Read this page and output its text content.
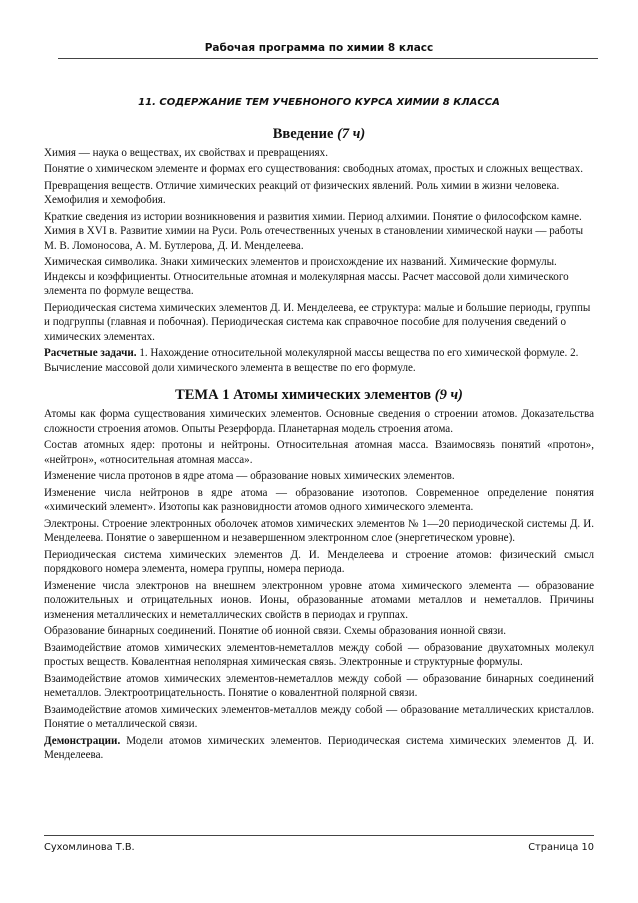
Рабочая программа по химии 8 класс
11. СОДЕРЖАНИЕ ТЕМ УЧЕБНОНОГО КУРСА ХИМИИ 8 КЛАССА
Введение (7 ч)

Химия — наука о веществах, их свойствах и превращениях.

Понятие о химическом элементе и формах его существования: свободных атомах, простых и сложных веществах.

Превращения веществ. Отличие химических реакций от физических явлений. Роль химии в жизни человека. Хемофилия и хемофобия.

Краткие сведения из истории возникновения и развития химии. Период алхимии. Понятие о философском камне. Химия в XVI в. Развитие химии на Руси. Роль отечественных ученых в становлении химической науки — работы М. В. Ломоносова, А. М. Бутлерова, Д. И. Менделеева.

Химическая символика. Знаки химических элементов и происхождение их названий. Химические формулы. Индексы и коэффициенты. Относительные атомная и молекулярная массы. Расчет массовой доли химического элемента по формуле вещества.

Периодическая система химических элементов Д. И. Менделеева, ее структура: малые и большие периоды, группы и подгруппы (главная и побочная). Периодическая система как справочное пособие для получения сведений о химических элементах.

Расчетные задачи. 1. Нахождение относительной молекулярной массы вещества по его химической формуле. 2. Вычисление массовой доли химического элемента в веществе по его формуле.

ТЕМА 1 Атомы химических элементов (9 ч)

Атомы как форма существования химических элементов. Основные сведения о строении атомов. Доказательства сложности строения атомов. Опыты Резерфорда. Планетарная модель строения атома.

Состав атомных ядер: протоны и нейтроны. Относительная атомная масса. Взаимосвязь понятий «протон», «нейтрон», «относительная атомная масса».

Изменение числа протонов в ядре атома — образование новых химических элементов.

Изменение числа нейтронов в ядре атома — образование изотопов. Современное определение понятия «химический элемент». Изотопы как разновидности атомов одного химического элемента.

Электроны. Строение электронных оболочек атомов химических элементов № 1—20 периодической системы Д. И. Менделеева. Понятие о завершенном и незавершенном электронном слое (энергетическом уровне).

Периодическая система химических элементов Д. И. Менделеева и строение атомов: физический смысл порядкового номера элемента, номера группы, номера периода.

Изменение числа электронов на внешнем электронном уровне атома химического элемента — образование положительных и отрицательных ионов. Ионы, образованные атомами металлов и неметаллов. Причины изменения металлических и неметаллических свойств в периодах и группах.

Образование бинарных соединений. Понятие об ионной связи. Схемы образования ионной связи.

Взаимодействие атомов химических элементов-неметаллов между собой — образование двухатомных молекул простых веществ. Ковалентная неполярная химическая связь. Электронные и структурные формулы.

Взаимодействие атомов химических элементов-неметаллов между собой — образование бинарных соединений неметаллов. Электроотрицательность. Понятие о ковалентной полярной связи.

Взаимодействие атомов химических элементов-металлов между собой — образование металлических кристаллов. Понятие о металлической связи.

Демонстрации. Модели атомов химических элементов. Периодическая система химических элементов Д. И. Менделеева.

Сухомлинова Т.В.	Страница 10
